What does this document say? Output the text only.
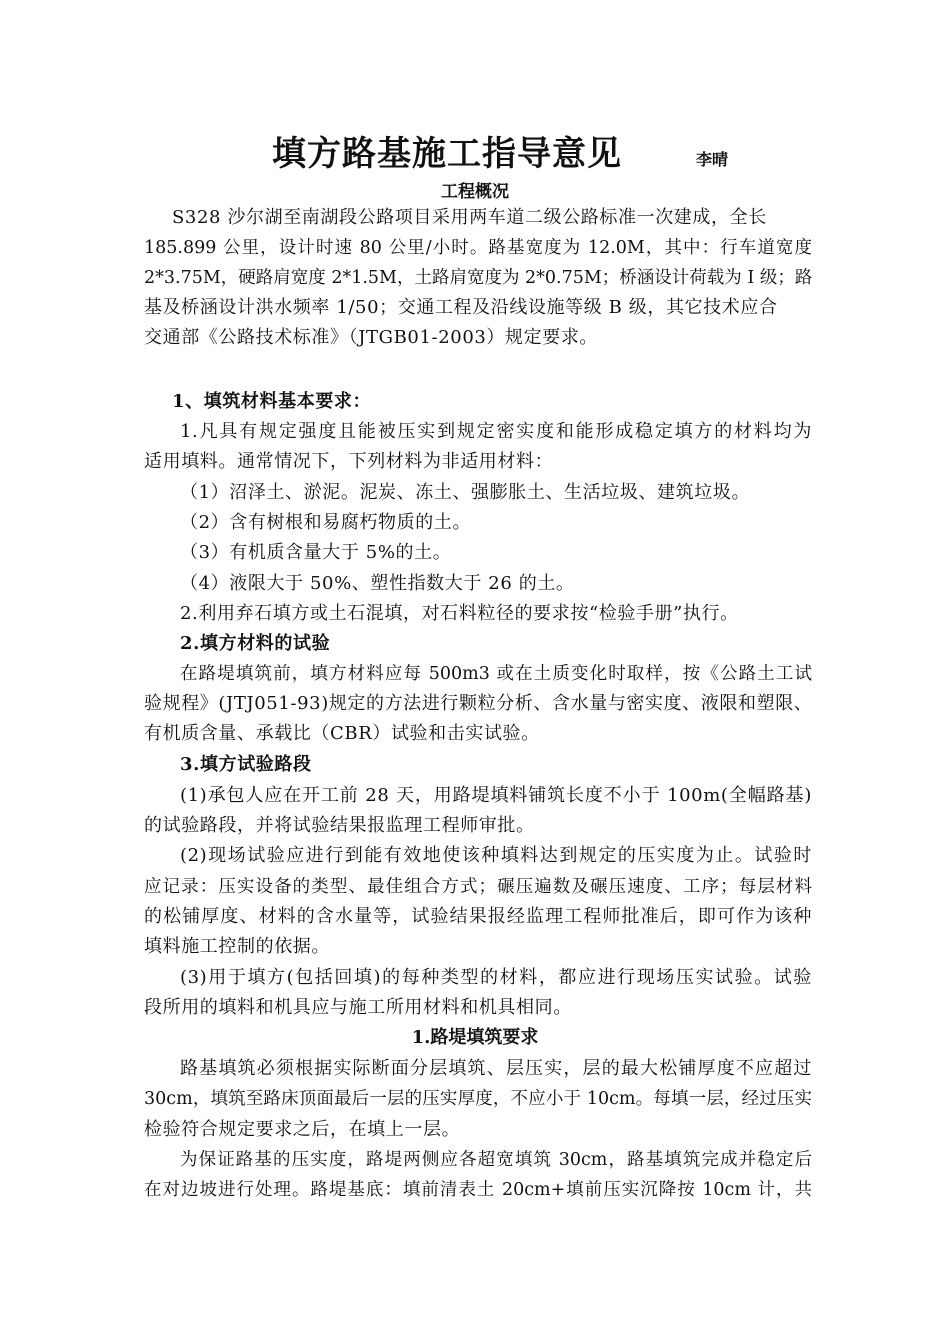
填方路基施工指导意见	李晴
工程概况
S328 沙尔湖至南湖段公路项目采用两车道二级公路标准一次建成，全长
185.899 公里，设计时速 80 公里/小时。路基宽度为 12.0M，其中：行车道宽度
2*3.75M，硬路肩宽度 2*1.5M，土路肩宽度为 2*0.75M；桥涵设计荷载为 I 级；路
基及桥涵设计洪水频率 1/50；交通工程及沿线设施等级 B 级，其它技术应合
交通部《公路技术标准》（JTGB01-2003）规定要求。
1、填筑材料基本要求：
1.凡具有规定强度且能被压实到规定密实度和能形成稳定填方的材料均为
适用填料。通常情况下，下列材料为非适用材料：
（1）沼泽土、淤泥。泥炭、冻土、强膨胀土、生活垃圾、建筑垃圾。
（2）含有树根和易腐朽物质的土。
（3）有机质含量大于 5%的土。
（4）液限大于 50%、塑性指数大于 26 的土。
2.利用弃石填方或土石混填，对石料粒径的要求按“检验手册”执行。
2.填方材料的试验
在路堤填筑前，填方材料应每 500m3 或在土质变化时取样，按《公路土工试
验规程》(JTJ051-93)规定的方法进行颗粒分析、含水量与密实度、液限和塑限、
有机质含量、承载比（CBR）试验和击实试验。
3.填方试验路段
(1)承包人应在开工前 28 天，用路堤填料铺筑长度不小于 100m(全幅路基)
的试验路段，并将试验结果报监理工程师审批。
(2)现场试验应进行到能有效地使该种填料达到规定的压实度为止。试验时
应记录：压实设备的类型、最佳组合方式；碾压遍数及碾压速度、工序；每层材料
的松铺厚度、材料的含水量等，试验结果报经监理工程师批准后，即可作为该种
填料施工控制的依据。
(3)用于填方(包括回填)的每种类型的材料，都应进行现场压实试验。试验
段所用的填料和机具应与施工所用材料和机具相同。
1.路堤填筑要求
路基填筑必须根据实际断面分层填筑、层压实，层的最大松铺厚度不应超过
30cm，填筑至路床顶面最后一层的压实厚度，不应小于 10cm。每填一层，经过压实
检验符合规定要求之后，在填上一层。
为保证路基的压实度，路堤两侧应各超宽填筑 30cm，路基填筑完成并稳定后
在对边坡进行处理。路堤基底：填前清表土 20cm+填前压实沉降按 10cm 计，共
